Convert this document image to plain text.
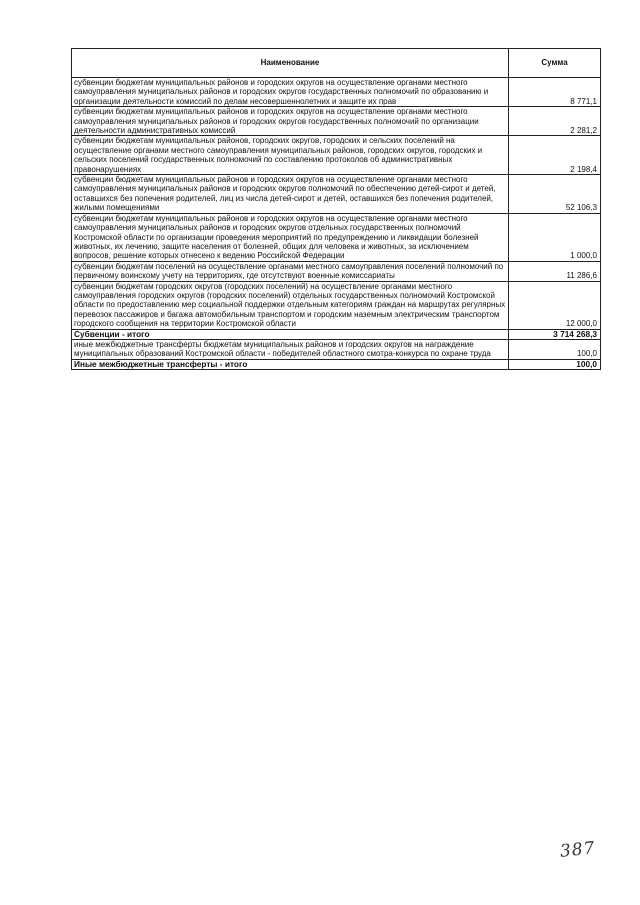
Наименование	Сумма
субвенции бюджетам муниципальных районов и городских округов на осуществление органами местного самоуправления муниципальных районов и городских округов государственных полномочий по образованию и организации деятельности комиссий по делам несовершеннолетних и защите их прав	8 771,1
субвенции бюджетам муниципальных районов и городских округов на осуществление органами местного самоуправления муниципальных районов и городских округов государственных полномочий по организации деятельности административных комиссий	2 281,2
субвенции бюджетам муниципальных районов, городских округов, городских и сельских поселений на осуществление органами местного самоуправления муниципальных районов, городских округов, городских и сельских поселений государственных полномочий по составлению протоколов об административных правонарушениях	2 198,4
субвенции бюджетам муниципальных районов и городских округов на осуществление органами местного самоуправления муниципальных районов и городских округов полномочий по обеспечению детей-сирот и детей, оставшихся без попечения родителей, лиц из числа детей-сирот и детей, оставшихся без попечения родителей, жилыми помещениями	52 106,3
субвенции бюджетам муниципальных районов и городских округов на осуществление органами местного самоуправления муниципальных районов и городских округов отдельных государственных полномочий Костромской области по организации проведения мероприятий по предупреждению и ликвидации болезней животных, их лечению, защите населения от болезней, общих для человека и животных, за исключением вопросов, решение которых отнесено к ведению Российской Федерации	1 000,0
субвенции бюджетам поселений на осуществление органами местного самоуправления поселений полномочий по первичному воинскому учету на территориях, где отсутствуют военные комиссариаты	11 286,6
субвенции бюджетам городских округов (городских поселений) на осуществление органами местного самоуправления городских округов (городских поселений) отдельных государственных полномочий Костромской области по предоставлению мер социальной поддержки отдельным категориям граждан на маршрутах регулярных перевозок пассажиров и багажа автомобильным транспортом и городским наземным электрическим транспортом городского сообщения на территории Костромской области	12 000,0
Субвенции - итого	3 714 268,3
иные межбюджетные трансферты бюджетам муниципальных районов и городских округов на награждение муниципальных образований Костромской области - победителей областного смотра-конкурса по охране труда	100,0
Иные межбюджетные трансферты - итого	100,0
387
